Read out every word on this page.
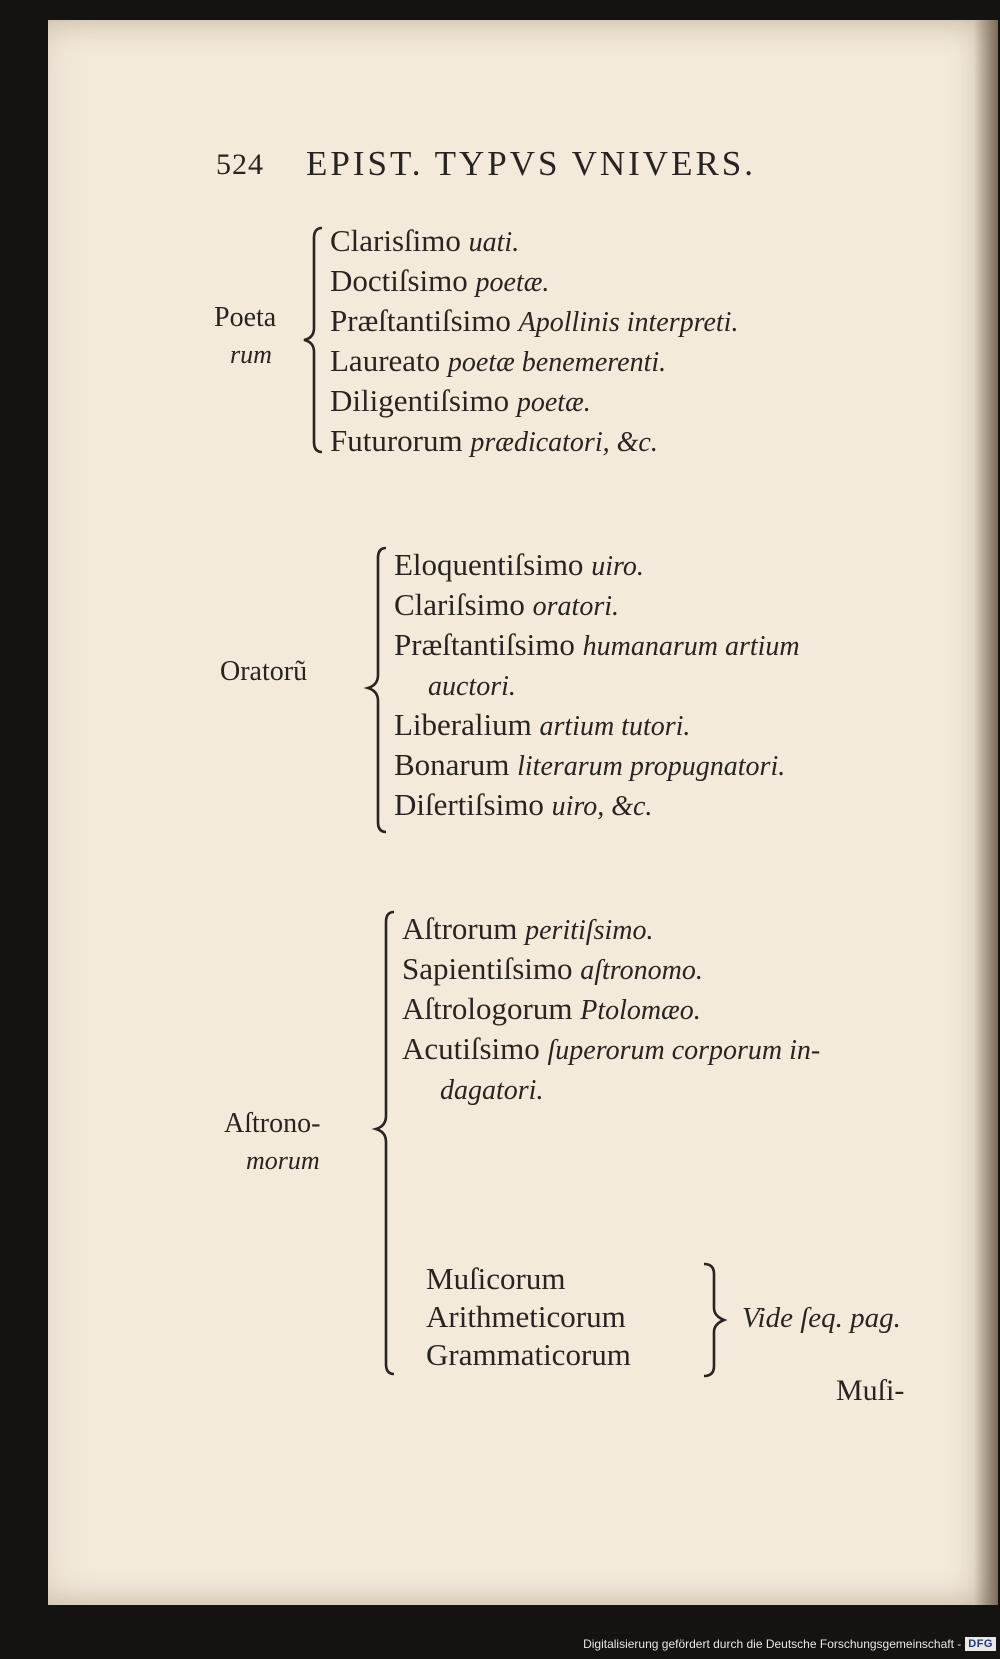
524 EPIST. TYPVS VNIVERS.
Poeta
rum
Clarisſimo uati.
Doctiſsimo poetæ.
Præſtantiſsimo Apollinis interpreti.
Laureato poetæ benemerenti.
Diligentiſsimo poetæ.
Futurorum prædicatori, &c.
Oratorũ
Eloquentiſsimo uiro.
Clariſsimo oratori.
Præſtantiſsimo humanarum artium
auctori.
Liberalium artium tutori.
Bonarum literarum propugnatori.
Diſertiſsimo uiro, &c.
Aſtrono-
morum
Aſtrorum peritiſsimo.
Sapientiſsimo aſtronomo.
Aſtrologorum Ptolomæo.
Acutiſsimo ſuperorum corporum in-
dagatori.
Muſicorum
Arithmeticorum
Grammaticorum
Vide ſeq. pag.
Muſi-
Digitalisierung gefördert durch die Deutsche Forschungsgemeinschaft - DFG
